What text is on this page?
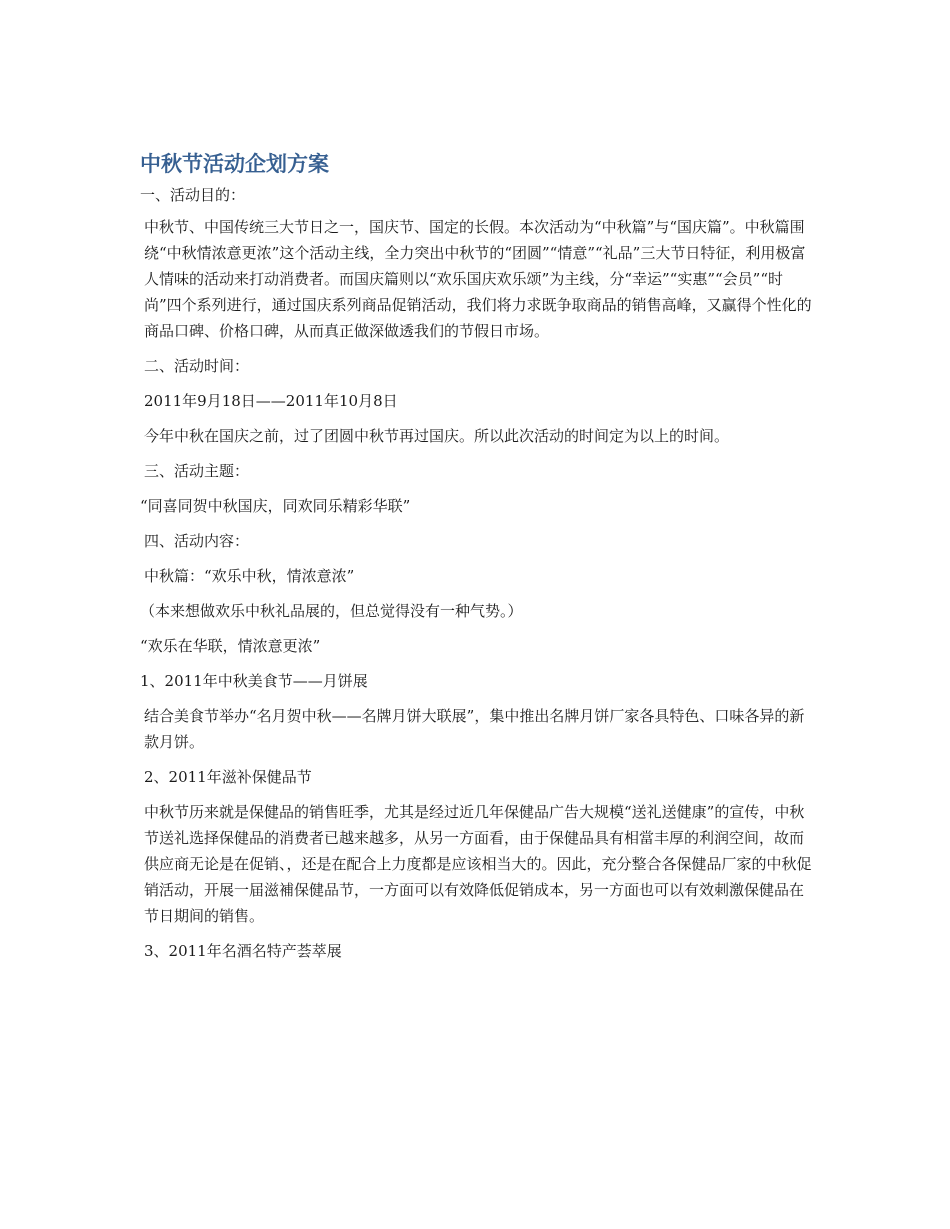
中秋节活动企划方案
一、活动目的：
中秋节、中国传统三大节日之一，国庆节、国定的长假。本次活动为“中秋篇”与“国庆篇”。中秋篇围绕“中秋情浓意更浓”这个活动主线，全力突出中秋节的“团圆”“情意”“礼品”三大节日特征，利用极富人情味的活动来打动消费者。而国庆篇则以“欢乐国庆欢乐颂”为主线，分“幸运”“实惠”“会员”“时尚”四个系列进行，通过国庆系列商品促销活动，我们将力求既争取商品的销售高峰，又赢得个性化的商品口碑、价格口碑，从而真正做深做透我们的节假日市场。
二、活动时间：
2011年9月18日——2011年10月8日
今年中秋在国庆之前，过了团圆中秋节再过国庆。所以此次活动的时间定为以上的时间。
三、活动主题：
“同喜同贺中秋国庆，同欢同乐精彩华联”
四、活动内容：
中秋篇：“欢乐中秋，情浓意浓”
（本来想做欢乐中秋礼品展的，但总觉得没有一种气势。）
“欢乐在华联，情浓意更浓”
1、2011年中秋美食节——月饼展
结合美食节举办“名月贺中秋——名牌月饼大联展”，集中推出名牌月饼厂家各具特色、口味各异的新款月饼。
2、2011年滋补保健品节
中秋节历来就是保健品的销售旺季，尤其是经过近几年保健品广告大规模“送礼送健康”的宣传，中秋节送礼选择保健品的消费者已越来越多，从另一方面看，由于保健品具有相當丰厚的利润空间，故而供应商无论是在促销、，还是在配合上力度都是应该相当大的。因此，充分整合各保健品厂家的中秋促销活动，开展一届滋補保健品节，一方面可以有效降低促销成本，另一方面也可以有效刺激保健品在节日期间的销售。
3、2011年名酒名特产荟萃展
